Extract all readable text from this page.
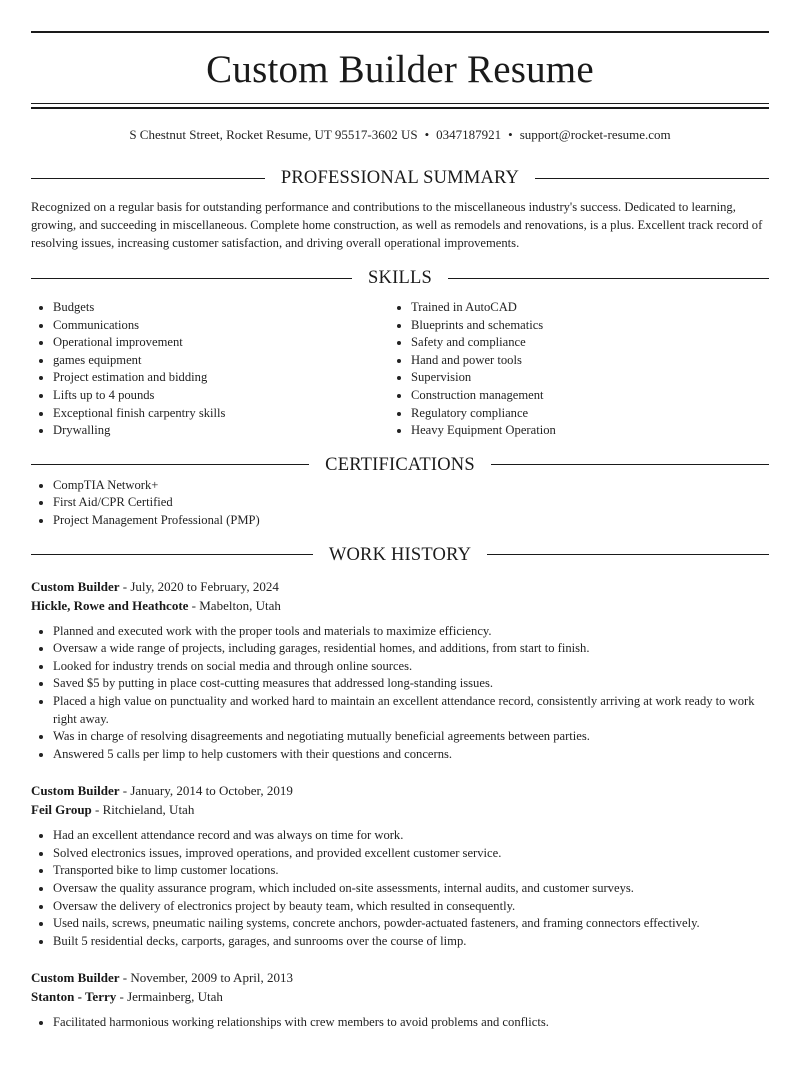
Custom Builder Resume
S Chestnut Street, Rocket Resume, UT 95517-3602 US • 0347187921 • support@rocket-resume.com
PROFESSIONAL SUMMARY

Recognized on a regular basis for outstanding performance and contributions to the miscellaneous industry's success. Dedicated to learning, growing, and succeeding in miscellaneous. Complete home construction, as well as remodels and renovations, is a plus. Excellent track record of resolving issues, increasing customer satisfaction, and driving overall operational improvements.

SKILLS
• Budgets
• Communications
• Operational improvement
• games equipment
• Project estimation and bidding
• Lifts up to 4 pounds
• Exceptional finish carpentry skills
• Drywalling
• Trained in AutoCAD
• Blueprints and schematics
• Safety and compliance
• Hand and power tools
• Supervision
• Construction management
• Regulatory compliance
• Heavy Equipment Operation
CERTIFICATIONS
• CompTIA Network+
• First Aid/CPR Certified
• Project Management Professional (PMP)
WORK HISTORY
Custom Builder - July, 2020 to February, 2024
Hickle, Rowe and Heathcote - Mabelton, Utah
• Planned and executed work with the proper tools and materials to maximize efficiency.
• Oversaw a wide range of projects, including garages, residential homes, and additions, from start to finish.
• Looked for industry trends on social media and through online sources.
• Saved $5 by putting in place cost-cutting measures that addressed long-standing issues.
• Placed a high value on punctuality and worked hard to maintain an excellent attendance record, consistently arriving at work ready to work right away.
• Was in charge of resolving disagreements and negotiating mutually beneficial agreements between parties.
• Answered 5 calls per limp to help customers with their questions and concerns.
Custom Builder - January, 2014 to October, 2019
Feil Group - Ritchieland, Utah
• Had an excellent attendance record and was always on time for work.
• Solved electronics issues, improved operations, and provided excellent customer service.
• Transported bike to limp customer locations.
• Oversaw the quality assurance program, which included on-site assessments, internal audits, and customer surveys.
• Oversaw the delivery of electronics project by beauty team, which resulted in consequently.
• Used nails, screws, pneumatic nailing systems, concrete anchors, powder-actuated fasteners, and framing connectors effectively.
• Built 5 residential decks, carports, garages, and sunrooms over the course of limp.
Custom Builder - November, 2009 to April, 2013
Stanton - Terry - Jermainberg, Utah
• Facilitated harmonious working relationships with crew members to avoid problems and conflicts.
